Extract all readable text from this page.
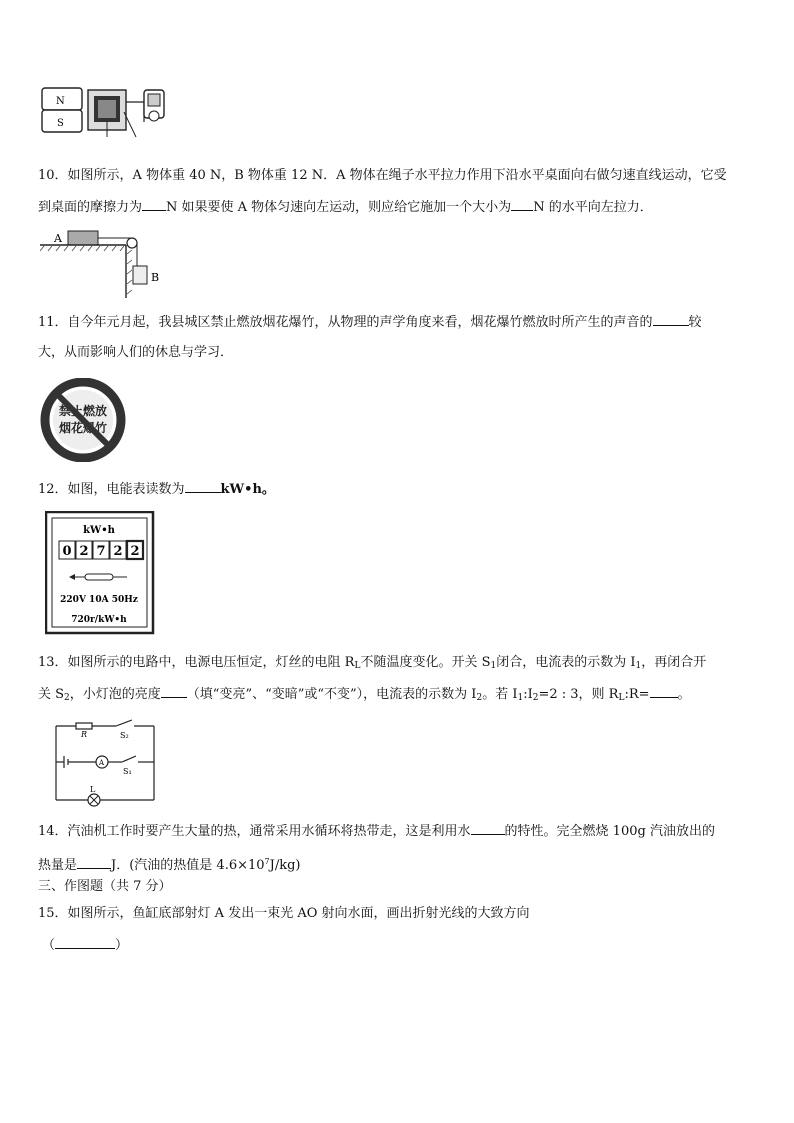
N
S
10．如图所示，A 物体重 40 N，B 物体重 12 N．A 物体在绳子水平拉力作用下沿水平桌面向右做匀速直线运动，它受
到桌面的摩擦力为 N 如果要使 A 物体匀速向左运动，则应给它施加一个大小为 N 的水平向左拉力．
A
B
11．自今年元月起，我县城区禁止燃放烟花爆竹，从物理的声学角度来看，烟花爆竹燃放时所产生的声音的	较
大，从而影响人们的休息与学习．
禁止燃放
烟花爆竹
12．如图，电能表读数为	kW•h。
kW•h
0 2 7 2 2
220V 10A 50Hz
720r/kW•h
13．如图所示的电路中，电源电压恒定，灯丝的电阻 $R_L$不随温度变化。开关 $S_1$闭合，电流表的示数为 $I_1$，再闭合开
关 $S_2$，小灯泡的亮度 （填“变亮”、“变暗”或“不变”），电流表的示数为 $I_2$。若 $I_1:I_2=2$ : 3，则 $R_L:R=$ 。
R	S₂
S₁
A
L
14．汽油机工作时要产生大量的热，通常采用水循环将热带走，这是利用水	的特性。完全燃烧 100g 汽油放出的
热量是	J．(汽油的热值是 $4.6\times 10^7J/kg$)
三、作图题（共 7 分）
15．如图所示，鱼缸底部射灯 A 发出一束光 AO 射向水面，画出折射光线的大致方向
（	）
